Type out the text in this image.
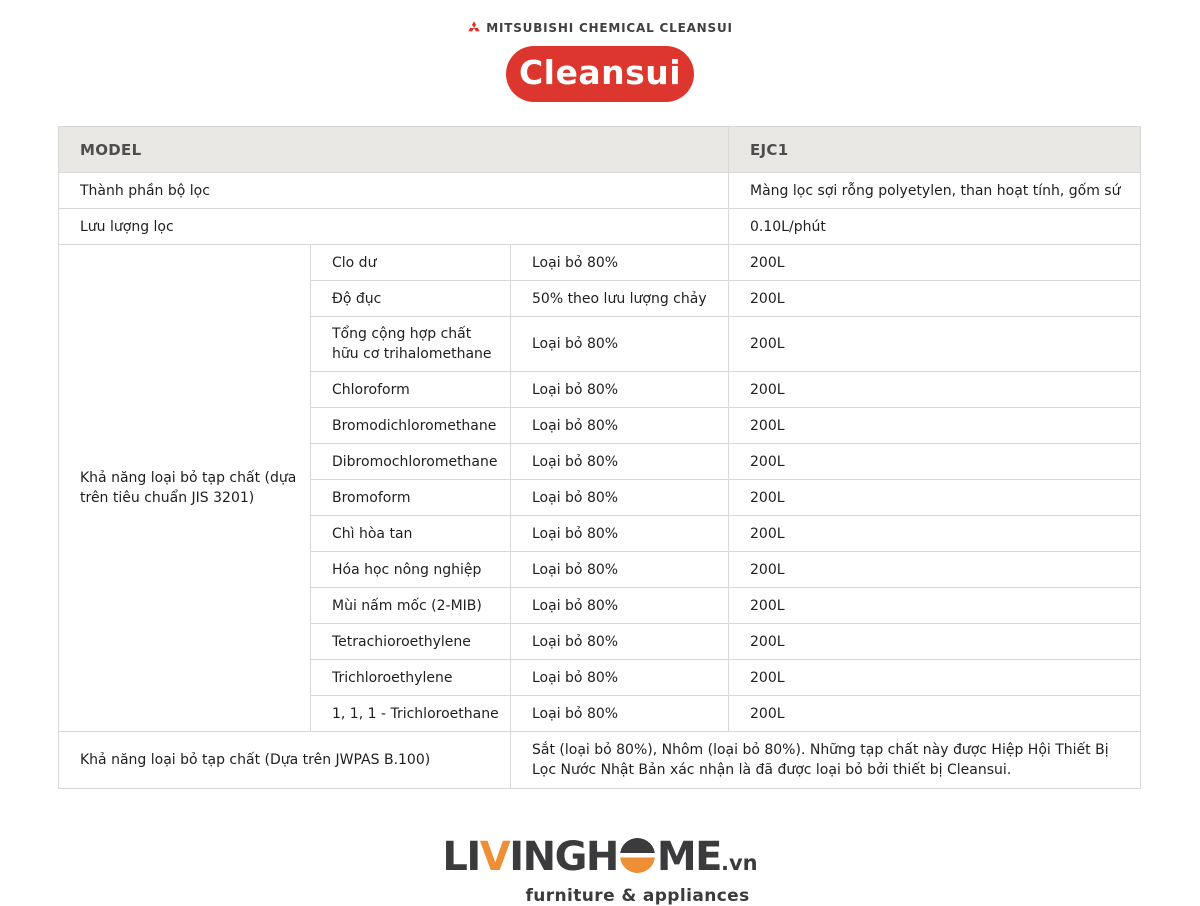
MITSUBISHI CHEMICAL CLEANSUI
Cleansui
MODEL			EJC1
Thành phần bộ lọc			Màng lọc sợi rỗng polyetylen, than hoạt tính, gốm sứ
Lưu lượng lọc			0.10L/phút
Khả năng loại bỏ tạp chất (dựa trên tiêu chuẩn JIS 3201)	Clo dư	Loại bỏ 80%	200L
	Độ đục	50% theo lưu lượng chảy	200L
	Tổng cộng hợp chất hữu cơ trihalomethane	Loại bỏ 80%	200L
	Chloroform	Loại bỏ 80%	200L
	Bromodichloromethane	Loại bỏ 80%	200L
	Dibromochloromethane	Loại bỏ 80%	200L
	Bromoform	Loại bỏ 80%	200L
	Chì hòa tan	Loại bỏ 80%	200L
	Hóa học nông nghiệp	Loại bỏ 80%	200L
	Mùi nấm mốc (2-MIB)	Loại bỏ 80%	200L
	Tetrachioroethylene	Loại bỏ 80%	200L
	Trichloroethylene	Loại bỏ 80%	200L
	1, 1, 1 - Trichloroethane	Loại bỏ 80%	200L
Khả năng loại bỏ tạp chất (Dựa trên JWPAS B.100)		Sắt (loại bỏ 80%), Nhôm (loại bỏ 80%). Những tạp chất này được Hiệp Hội Thiết Bị Lọc Nước Nhật Bản xác nhận là đã được loại bỏ bởi thiết bị Cleansui.	
LIVINGH ME.vn
furniture & appliances
